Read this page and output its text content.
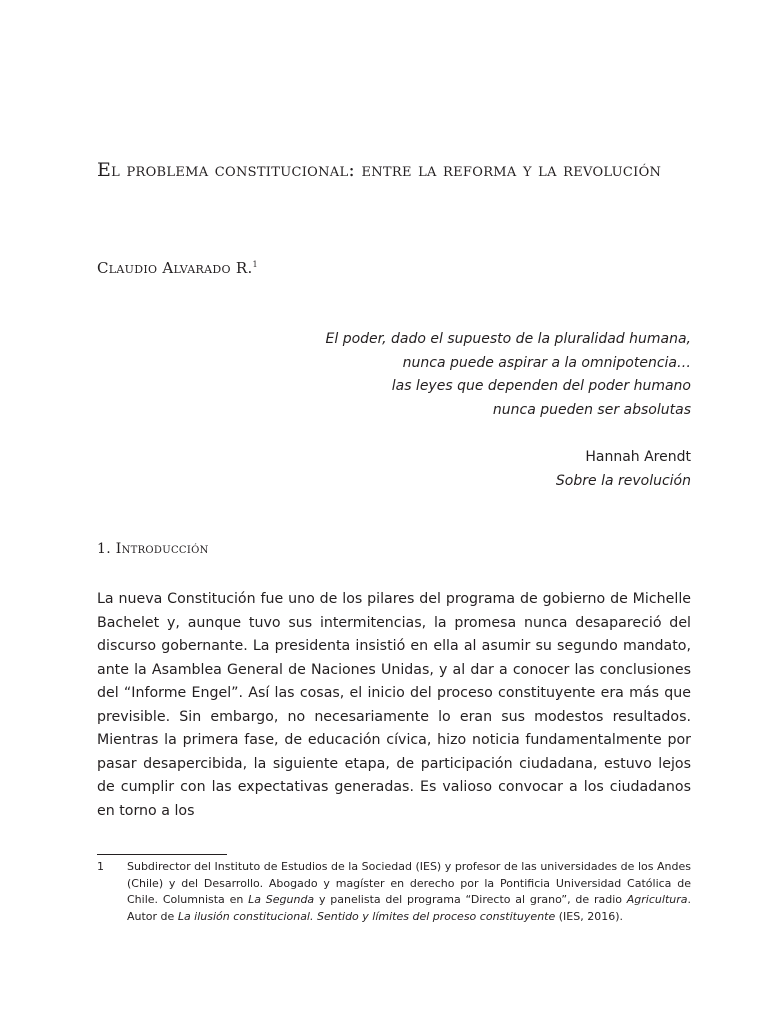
El problema constitucional: entre la reforma y la revolución
Claudio Alvarado R.$^1$
El poder, dado el supuesto de la pluralidad humana,
nunca puede aspirar a la omnipotencia…
las leyes que dependen del poder humano
nunca pueden ser absolutas
Hannah Arendt
Sobre la revolución
1. Introducción

La nueva Constitución fue uno de los pilares del programa de gobierno de Michelle Bachelet y, aunque tuvo sus intermitencias, la promesa nunca desapareció del discurso gobernante. La presidenta insistió en ella al asumir su segundo mandato, ante la Asamblea General de Naciones Unidas, y al dar a conocer las conclusiones del “Informe Engel”. Así las cosas, el inicio del proceso constituyente era más que previsible. Sin embargo, no necesariamente lo eran sus modestos resultados. Mientras la primera fase, de educación cívica, hizo noticia fundamentalmente por pasar desapercibida, la siguiente etapa, de participación ciudadana, estuvo lejos de cumplir con las expectativas generadas. Es valioso convocar a los ciudadanos en torno a los

1 Subdirector del Instituto de Estudios de la Sociedad (IES) y profesor de las universidades de los Andes (Chile) y del Desarrollo. Abogado y magíster en derecho por la Pontificia Universidad Católica de Chile. Columnista en La Segunda y panelista del programa “Directo al grano”, de radio Agricultura. Autor de La ilusión constitucional. Sentido y límites del proceso constituyente (IES, 2016).
